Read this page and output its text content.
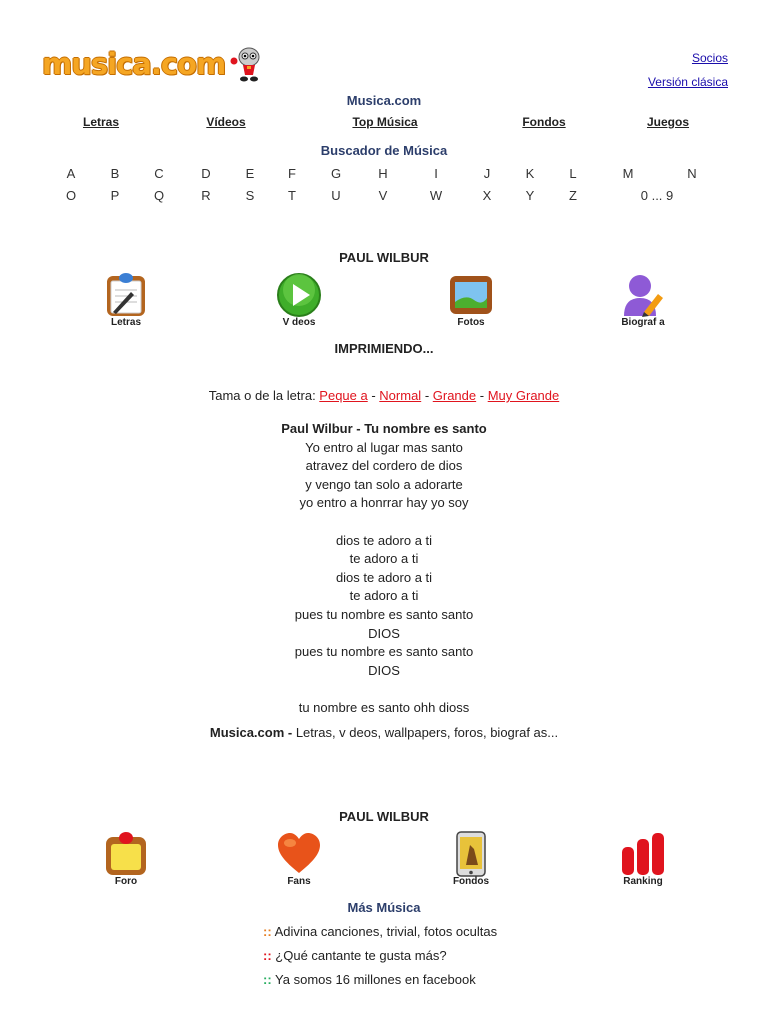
musica.com	Socios
Versión clásica
Musica.com
Letras	Vídeos	Top Música	Fondos	Juegos
Buscador de Música
A	B	C	D	E	F	G	H	I	J	K	L	M	N
O	P	Q	R	S	T	U	V	W	X	Y	Z	0 ... 9
PAUL WILBUR
Letras	V deos	Fotos	Biograf a
IMPRIMIENDO...
Tama o de la letra: Peque a - Normal - Grande - Muy Grande
Paul Wilbur - Tu nombre es santo
Yo entro al lugar mas santo
atravez del cordero de dios
y vengo tan solo a adorarte
yo entro a honrrar hay yo soy
dios te adoro a ti
te adoro a ti
dios te adoro a ti
te adoro a ti
pues tu nombre es santo santo
DIOS
pues tu nombre es santo santo
DIOS
tu nombre es santo ohh dioss
Musica.com - Letras, v deos, wallpapers, foros, biograf as...
PAUL WILBUR
Foro	Fans	Fondos	Ranking
Más Música
:: Adivina canciones, trivial, fotos ocultas
:: ¿Qué cantante te gusta más?
:: Ya somos 16 millones en facebook
